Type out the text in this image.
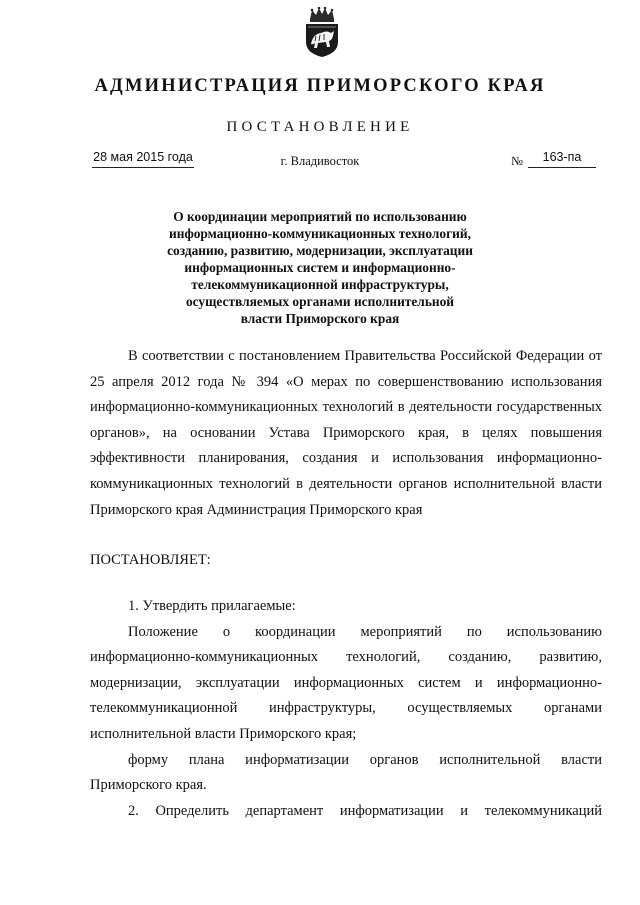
АДМИНИСТРАЦИЯ ПРИМОРСКОГО КРАЯ
ПОСТАНОВЛЕНИЕ
28 мая 2015 года	г. Владивосток	№	163-па
О координации мероприятий по использованию
информационно-коммуникационных технологий,
созданию, развитию, модернизации, эксплуатации
информационных систем и информационно-
телекоммуникационной инфраструктуры,
осуществляемых органами исполнительной
власти Приморского края

В соответствии с постановлением Правительства Российской Федерации от 25 апреля 2012 года № 394 «О мерах по совершенствованию использования информационно-коммуникационных технологий в деятельности государственных органов», на основании Устава Приморского края, в целях повышения эффективности планирования, создания и использования информационно-коммуникационных технологий в деятельности органов исполнительной власти Приморского края Администрация Приморского края

ПОСТАНОВЛЯЕТ:

1. Утвердить прилагаемые:

Положение о координации мероприятий по использованию информационно-коммуникационных технологий, созданию, развитию, модернизации, эксплуатации информационных систем и информационно-телекоммуникационной инфраструктуры, осуществляемых органами исполнительной власти Приморского края;

форму плана информатизации органов исполнительной власти Приморского края.

2. Определить департамент информатизации и телекоммуникаций
